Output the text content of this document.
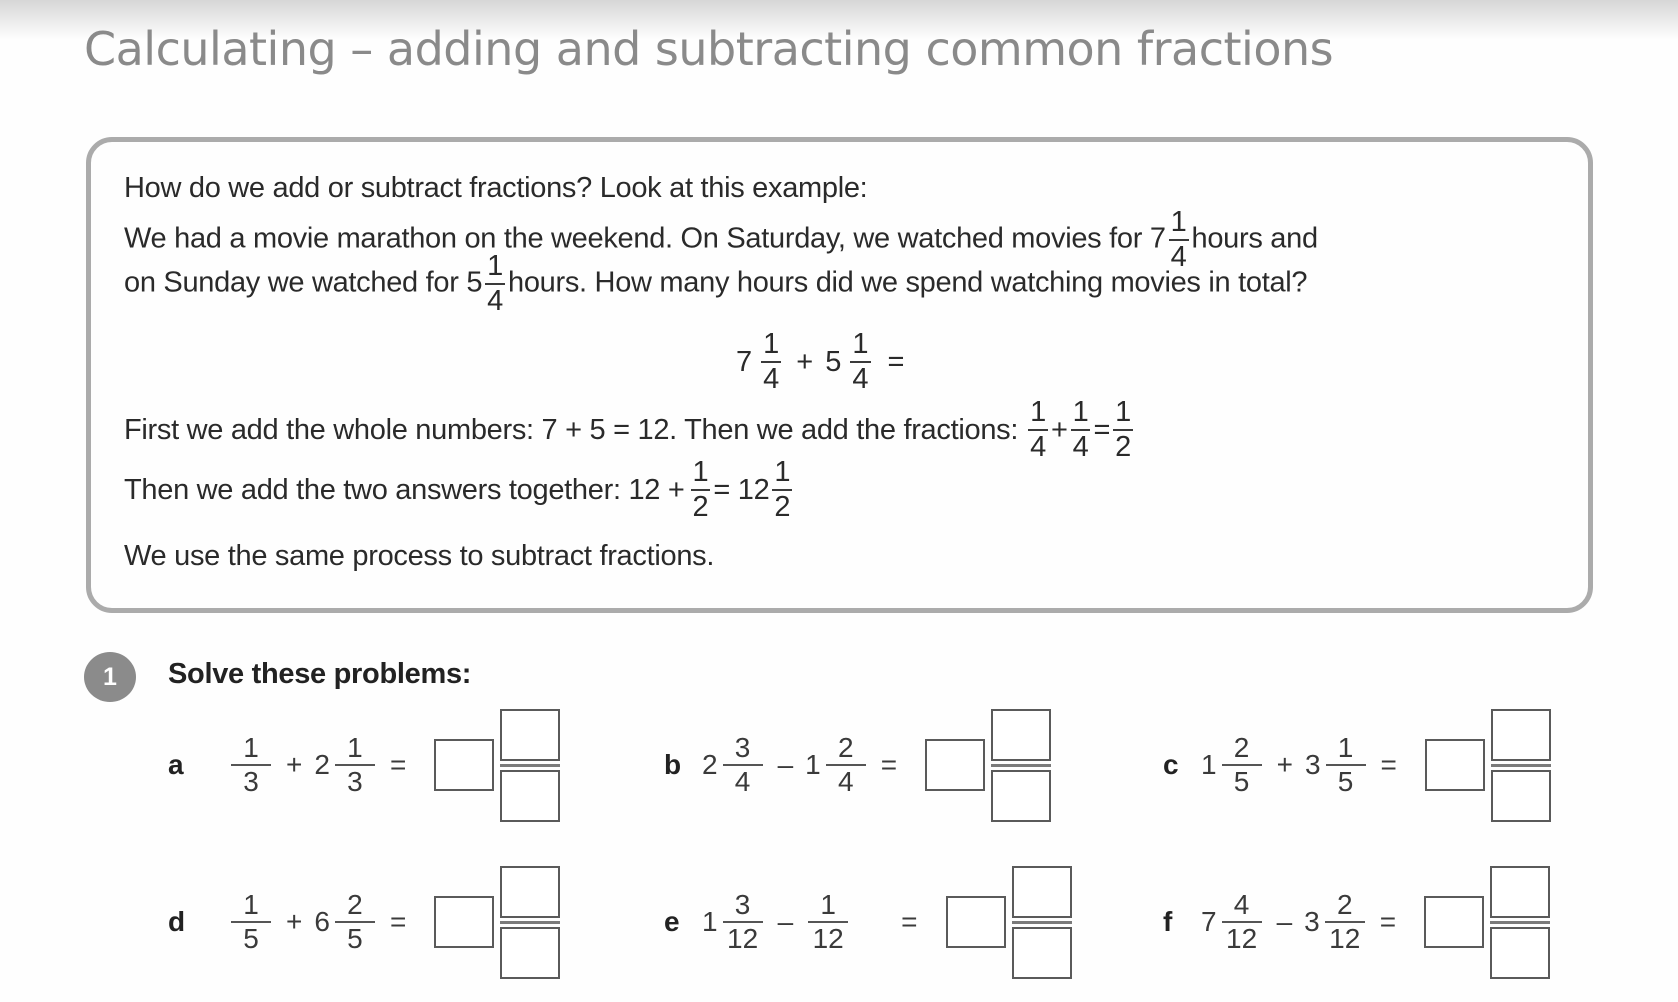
Calculating – adding and subtracting common fractions
How do we add or subtract fractions? Look at this example:
We had a movie marathon on the weekend. On Saturday, we watched movies for $7 \frac{1}{4}$ hours and
on Sunday we watched for $5 \frac{1}{4}$ hours. How many hours did we spend watching movies in total?
$7 \frac{1}{4} + 5 \frac{1}{4}$ =
First we add the whole numbers: 7 + 5 = 12. Then we add the fractions: $\frac{1}{4} + \frac{1}{4} = \frac{1}{2}$
Then we add the two answers together: $12 + \frac{1}{2} = 12 \frac{1}{2}$
We use the same process to subtract fractions.
1	Solve these problems:
a	$\frac{1}{3} + 2 \frac{1}{3}$ =	b $2 \frac{3}{4} - 1 \frac{2}{4}$ =	c $1 \frac{2}{5} + 3 \frac{1}{5}$ =
d	$\frac{1}{5} + 6 \frac{2}{5}$ =	e $1 \frac{3}{12} - \frac{1}{12}$ =	f	$7 \frac{4}{12} - 3 \frac{2}{12}$ =
